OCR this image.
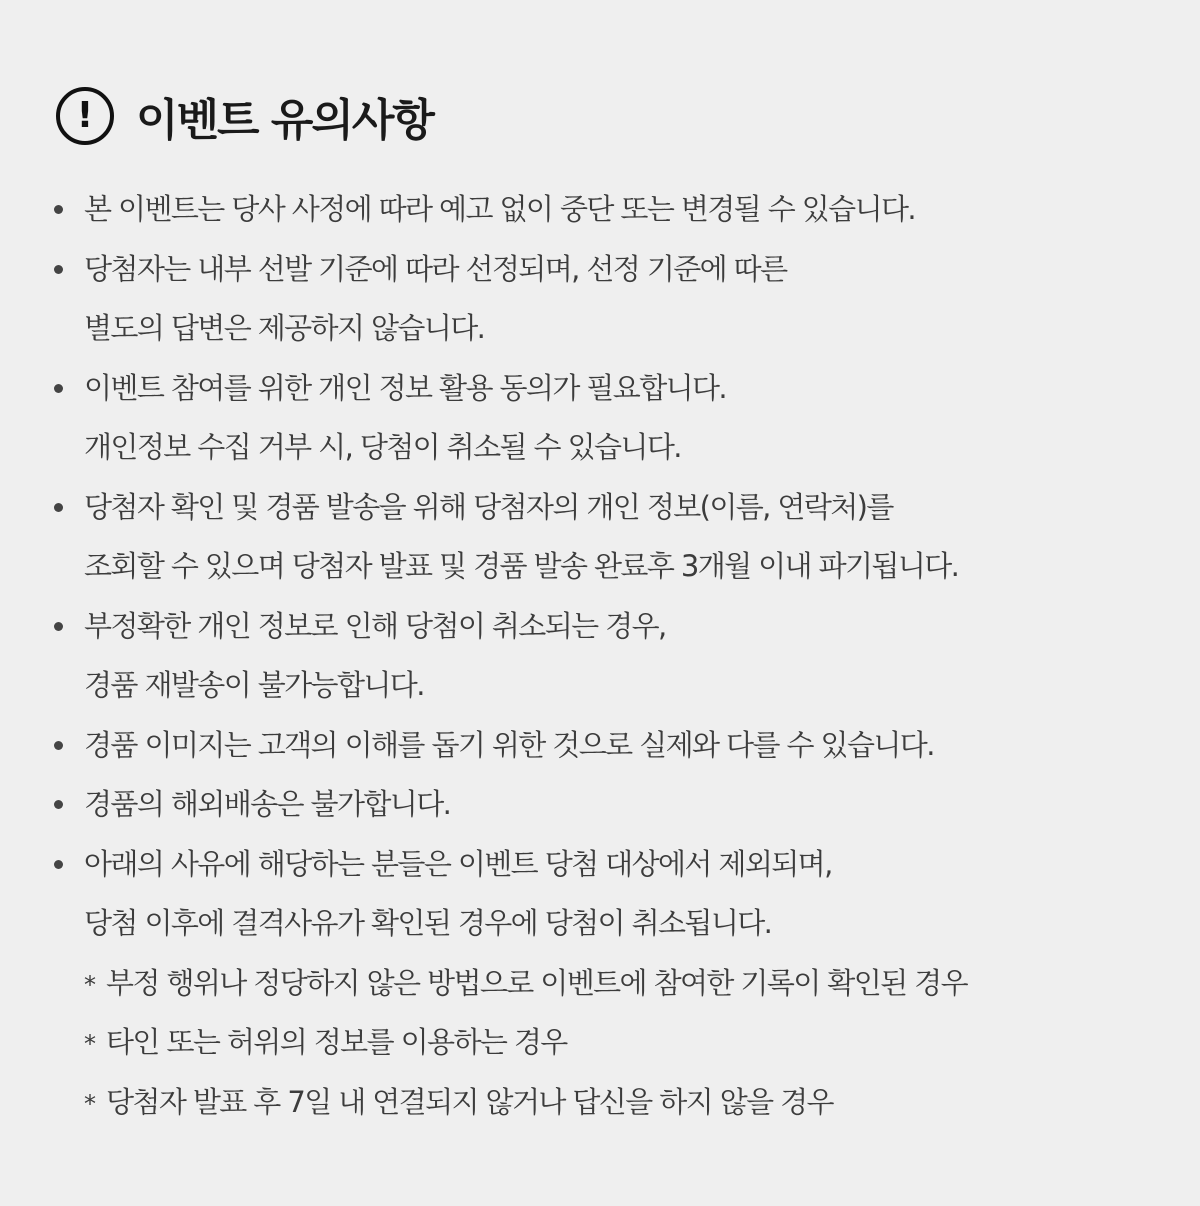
! 이벤트 유의사항
본 이벤트는 당사 사정에 따라 예고 없이 중단 또는 변경될 수 있습니다.
당첨자는 내부 선발 기준에 따라 선정되며, 선정 기준에 따른
별도의 답변은 제공하지 않습니다.
이벤트 참여를 위한 개인 정보 활용 동의가 필요합니다.
개인정보 수집 거부 시, 당첨이 취소될 수 있습니다.
당첨자 확인 및 경품 발송을 위해 당첨자의 개인 정보(이름, 연락처)를
조회할 수 있으며 당첨자 발표 및 경품 발송 완료후 3개월 이내 파기됩니다.
부정확한 개인 정보로 인해 당첨이 취소되는 경우,
경품 재발송이 불가능합니다.
경품 이미지는 고객의 이해를 돕기 위한 것으로 실제와 다를 수 있습니다.
경품의 해외배송은 불가합니다.
아래의 사유에 해당하는 분들은 이벤트 당첨 대상에서 제외되며,
당첨 이후에 결격사유가 확인된 경우에 당첨이 취소됩니다.
* 부정 행위나 정당하지 않은 방법으로 이벤트에 참여한 기록이 확인된 경우
* 타인 또는 허위의 정보를 이용하는 경우
* 당첨자 발표 후 7일 내 연결되지 않거나 답신을 하지 않을 경우
